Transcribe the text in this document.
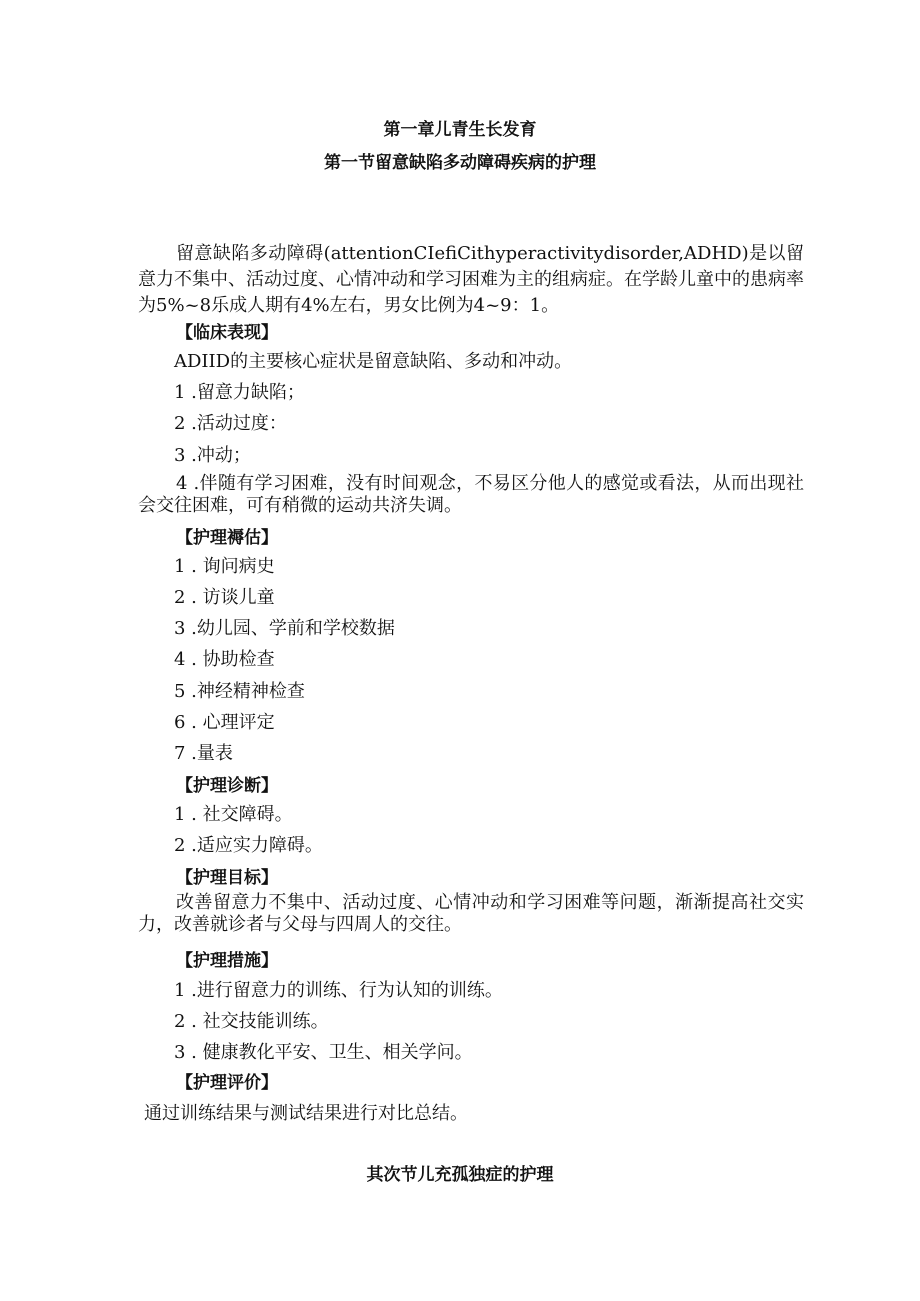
第一章儿青生长发育
第一节留意缺陷多动障碍疾病的护理
留意缺陷多动障碍(attentionCIefiCithyperactivitydisorder,ADHD)是以留意力不集中、活动过度、心情冲动和学习困难为主的组病症。在学龄儿童中的患病率为5%~8乐成人期有4%左右，男女比例为4~9：1。
【临床表现】
ADIID的主要核心症状是留意缺陷、多动和冲动。
1 .留意力缺陷；
2 .活动过度：
3 .冲动；
4 .伴随有学习困难，没有时间观念，不易区分他人的感觉或看法，从而出现社会交往困难，可有稍微的运动共济失调。
【护理褥估】
1 . 询问病史
2 . 访谈儿童
3 .幼儿园、学前和学校数据
4 . 协助检查
5 .神经精神检查
6 . 心理评定
7 .量表
【护理诊断】
1 . 社交障碍。
2 .适应实力障碍。
【护理目标】
改善留意力不集中、活动过度、心情冲动和学习困难等问题，渐渐提高社交实力，改善就诊者与父母与四周人的交往。
【护理措施】
1 .进行留意力的训练、行为认知的训练。
2 . 社交技能训练。
3 . 健康教化平安、卫生、相关学问。
【护理评价】
通过训练结果与测试结果进行对比总结。
其次节儿充孤独症的护理
